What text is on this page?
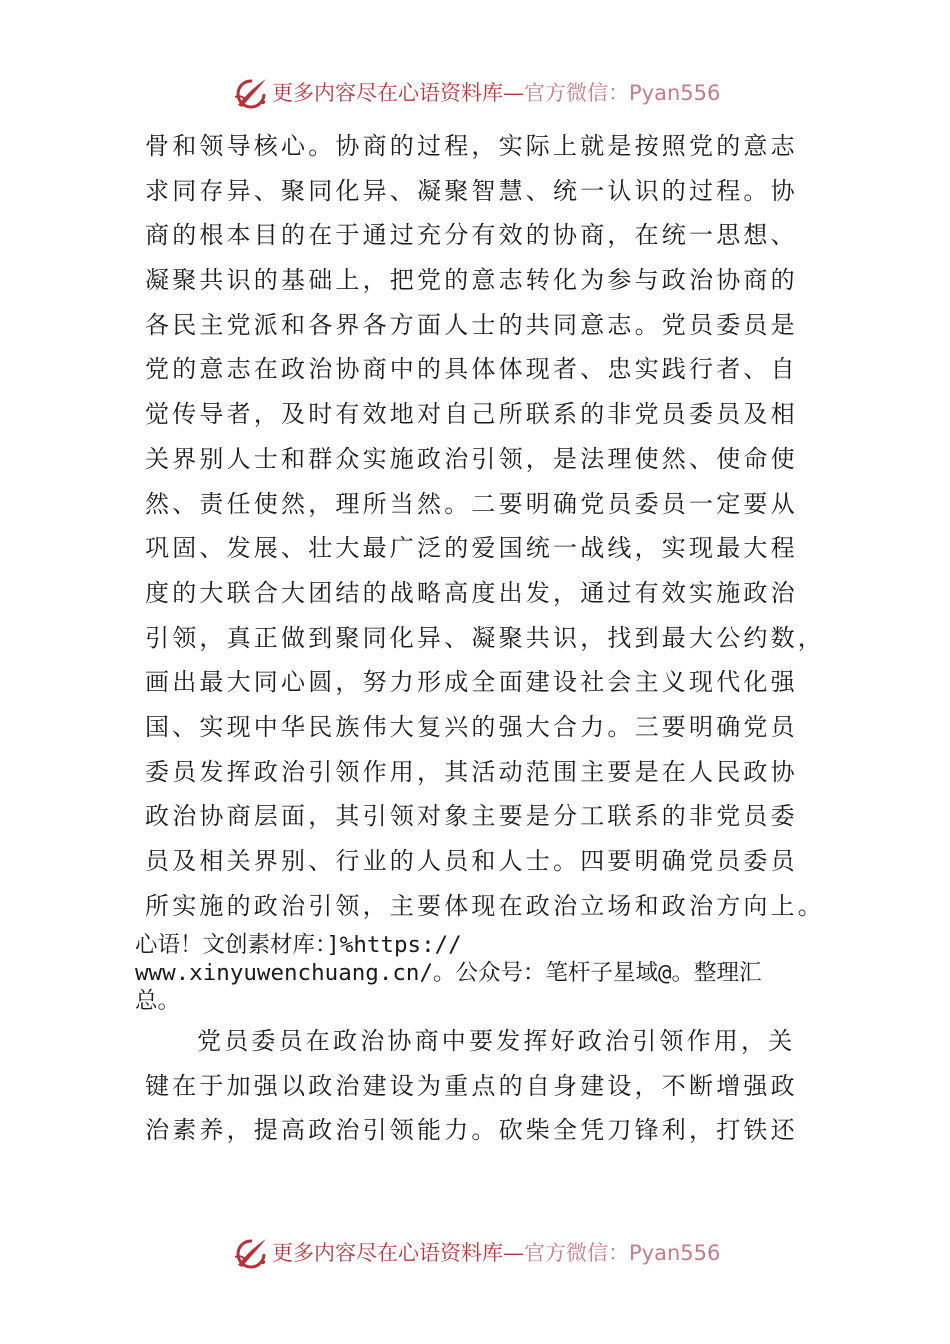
更多内容尽在心语资料库—官方微信：Pyan556
骨和领导核心。协商的过程，实际上就是按照党的意志
求同存异、聚同化异、凝聚智慧、统一认识的过程。协
商的根本目的在于通过充分有效的协商，在统一思想、
凝聚共识的基础上，把党的意志转化为参与政治协商的
各民主党派和各界各方面人士的共同意志。党员委员是
党的意志在政治协商中的具体体现者、忠实践行者、自
觉传导者，及时有效地对自己所联系的非党员委员及相
关界别人士和群众实施政治引领，是法理使然、使命使
然、责任使然，理所当然。二要明确党员委员一定要从
巩固、发展、壮大最广泛的爱国统一战线，实现最大程
度的大联合大团结的战略高度出发，通过有效实施政治
引领，真正做到聚同化异、凝聚共识，找到最大公约数，
画出最大同心圆，努力形成全面建设社会主义现代化强
国、实现中华民族伟大复兴的强大合力。三要明确党员
委员发挥政治引领作用，其活动范围主要是在人民政协
政治协商层面，其引领对象主要是分工联系的非党员委
员及相关界别、行业的人员和人士。四要明确党员委员
所实施的政治引领，主要体现在政治立场和政治方向上。
心语！文创素材库：]%https://
www.xinyuwenchuang.cn/。公众号：笔杆子星域@。整理汇
总。
党员委员在政治协商中要发挥好政治引领作用，关
键在于加强以政治建设为重点的自身建设，不断增强政
治素养，提高政治引领能力。砍柴全凭刀锋利，打铁还
更多内容尽在心语资料库—官方微信：Pyan556
